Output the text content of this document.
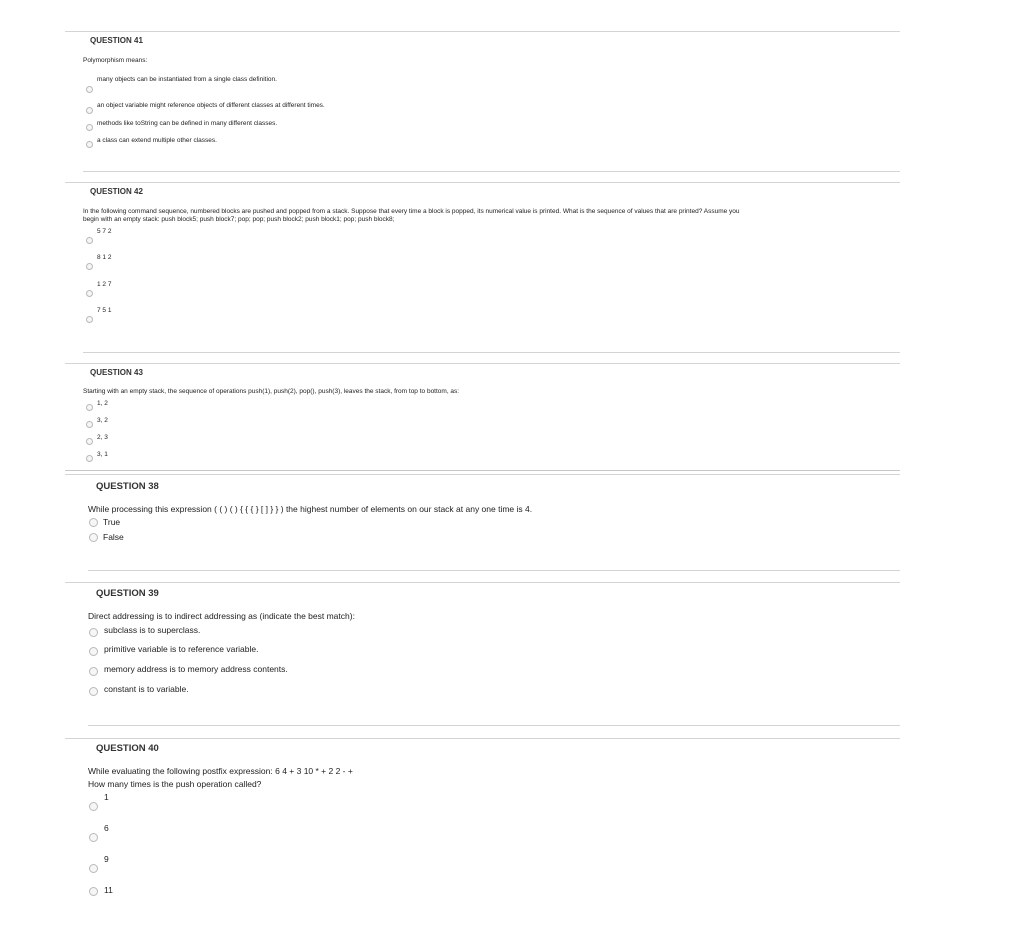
QUESTION 41
Polymorphism means:
many objects can be instantiated from a single class definition.
an object variable might reference objects of different classes at different times.
methods like toString can be defined in many different classes.
a class can extend multiple other classes.
QUESTION 42
In the following command sequence, numbered blocks are pushed and popped from a stack. Suppose that every time a block is popped, its numerical value is printed. What is the sequence of values that are printed? Assume you
begin with an empty stack: push block5; push block7; pop; pop; push block2; push block1; pop; push block8;
5 7 2
8 1 2
1 2 7
7 5 1
QUESTION 43
Starting with an empty stack, the sequence of operations push(1), push(2), pop(), push(3), leaves the stack, from top to bottom, as:
1, 2
3, 2
2, 3
3, 1
QUESTION 38
While processing this expression ( ( ) ( ) { { { } [ ] } } ) the highest number of elements on our stack at any one time is 4.
True
False
QUESTION 39
Direct addressing is to indirect addressing as (indicate the best match):
subclass is to superclass.
primitive variable is to reference variable.
memory address is to memory address contents.
constant is to variable.
QUESTION 40
While evaluating the following postfix expression: 6 4 + 3 10 * + 2 2 - +
How many times is the push operation called?
1
6
9
11
